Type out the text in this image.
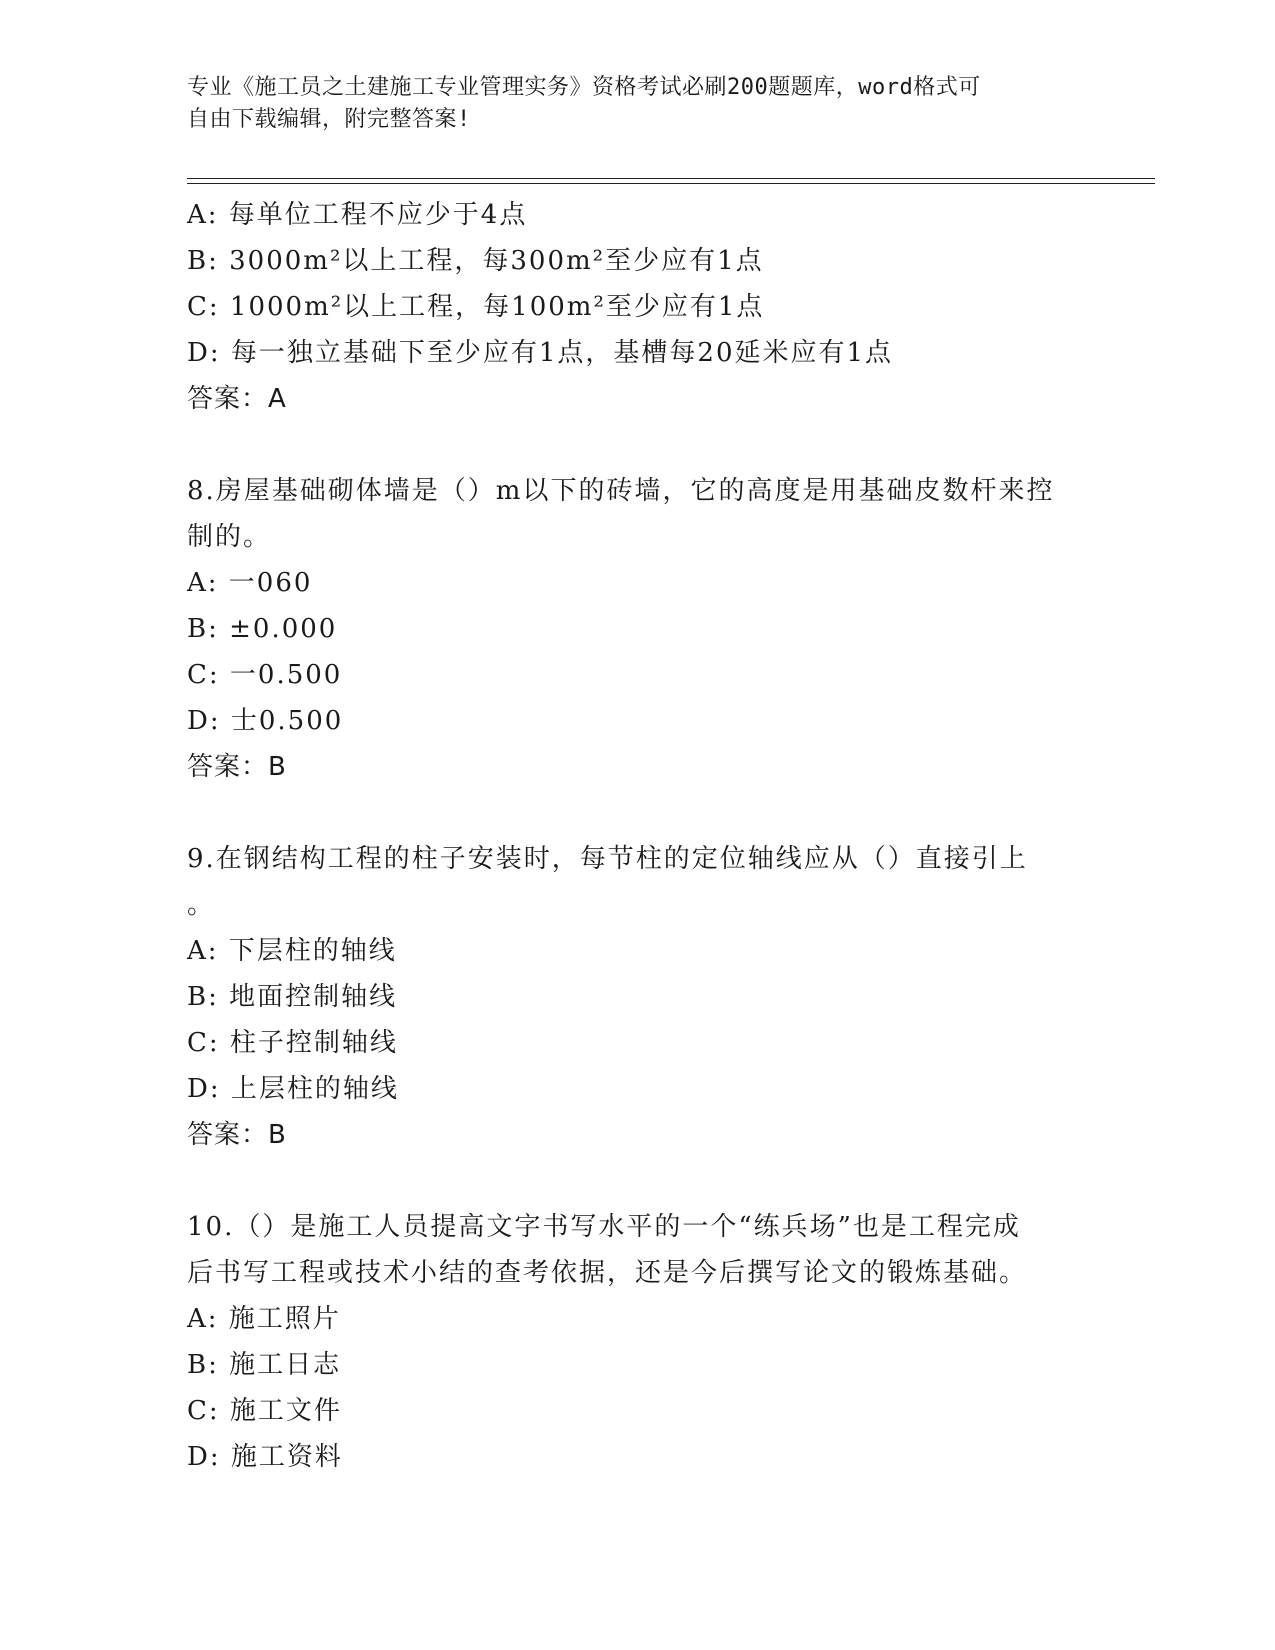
专业《施工员之土建施工专业管理实务》资格考试必刷200题题库，word格式可
自由下载编辑，附完整答案!
A: 每单位工程不应少于4点
B: 3000m²以上工程，每300m²至少应有1点
C: 1000m²以上工程，每100m²至少应有1点
D: 每一独立基础下至少应有1点，基槽每20延米应有1点
答案：A
8.房屋基础砌体墙是（）m以下的砖墙，它的高度是用基础皮数杆来控
制的。
A: 一060
B: ±0.000
C: 一0.500
D: 士0.500
答案：B
9.在钢结构工程的柱子安装时，每节柱的定位轴线应从（）直接引上
。
A: 下层柱的轴线
B: 地面控制轴线
C: 柱子控制轴线
D: 上层柱的轴线
答案：B
10.（）是施工人员提高文字书写水平的一个“练兵场”也是工程完成
后书写工程或技术小结的查考依据，还是今后撰写论文的锻炼基础。
A: 施工照片
B: 施工日志
C: 施工文件
D: 施工资料
